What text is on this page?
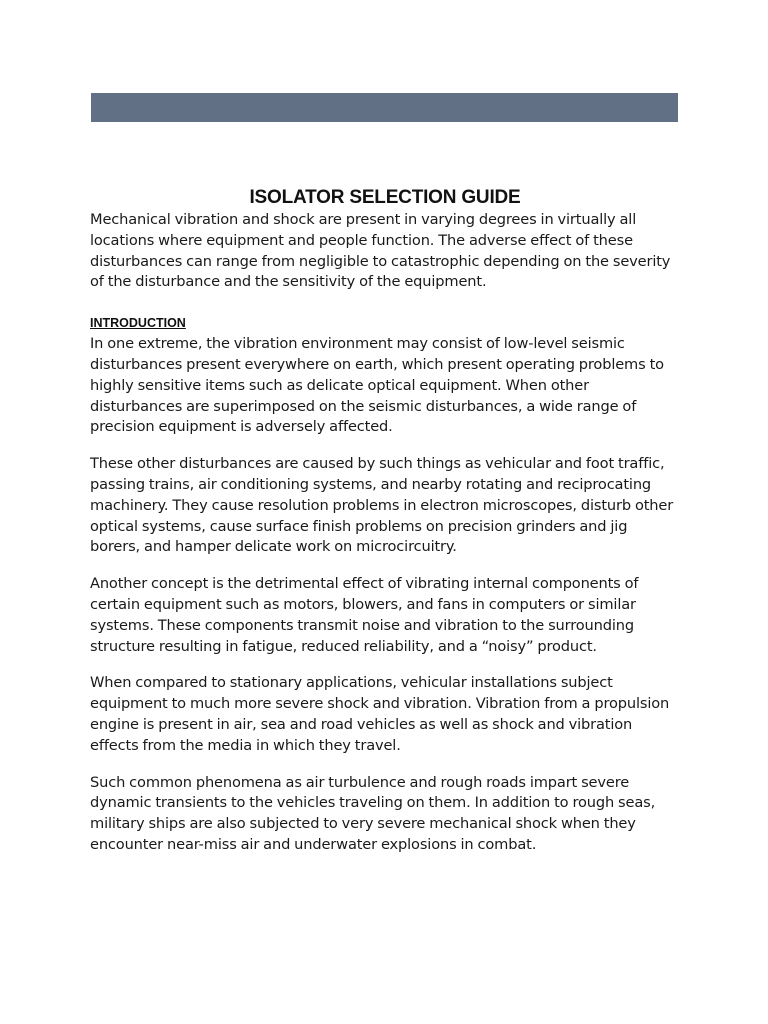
ISOLATOR SELECTION GUIDE

Mechanical vibration and shock are present in varying degrees in virtually all locations where equipment and people function. The adverse effect of these disturbances can range from negligible to catastrophic depending on the severity of the disturbance and the sensitivity of the equipment.

INTRODUCTION

In one extreme, the vibration environment may consist of low-level seismic disturbances present everywhere on earth, which present operating problems to highly sensitive items such as delicate optical equipment. When other disturbances are superimposed on the seismic disturbances, a wide range of precision equipment is adversely affected.

These other disturbances are caused by such things as vehicular and foot traffic, passing trains, air conditioning systems, and nearby rotating and reciprocating machinery. They cause resolution problems in electron microscopes, disturb other optical systems, cause surface finish problems on precision grinders and jig borers, and hamper delicate work on microcircuitry.

Another concept is the detrimental effect of vibrating internal components of certain equipment such as motors, blowers, and fans in computers or similar systems. These components transmit noise and vibration to the surrounding structure resulting in fatigue, reduced reliability, and a “noisy” product.

When compared to stationary applications, vehicular installations subject equipment to much more severe shock and vibration. Vibration from a propulsion engine is present in air, sea and road vehicles as well as shock and vibration effects from the media in which they travel.

Such common phenomena as air turbulence and rough roads impart severe dynamic transients to the vehicles traveling on them. In addition to rough seas, military ships are also subjected to very severe mechanical shock when they encounter near-miss air and underwater explosions in combat.
